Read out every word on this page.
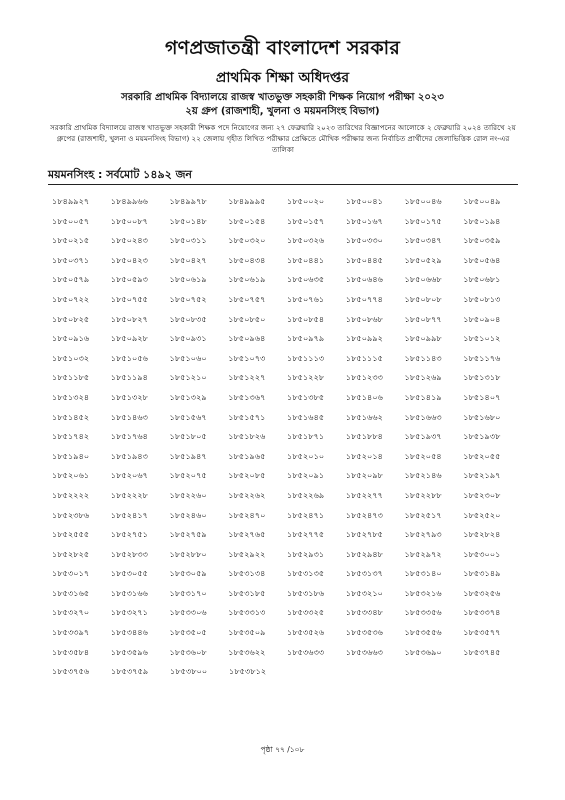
গণপ্রজাতন্ত্রী বাংলাদেশ সরকার
প্রাথমিক শিক্ষা অধিদপ্তর
সরকারি প্রাথমিক বিদ্যালয়ে রাজস্ব খাতভুক্ত সহকারী শিক্ষক নিয়োগ পরীক্ষা ২০২৩
২য় গ্রুপ (রাজশাহী, খুলনা ও ময়মনসিংহ বিভাগ)
সরকারি প্রাথমিক বিদ্যালয়ে রাজস্ব খাতভুক্ত সহকারী শিক্ষক পদে নিয়োগের জন্য ২৭ ফেব্রুয়ারি ২০২৩ তারিখের বিজ্ঞাপনের আলোকে ২ ফেব্রুয়ারি ২০২৪ তারিখে ২য় গ্রুপের (রাজশাহী, খুলনা ও ময়মনসিংহ বিভাগ) ২২ জেলায় গৃহীত লিখিত পরীক্ষার প্রেক্ষিতে মৌখিক পরীক্ষার জন্য নির্বাচিত প্রার্থীদের জেলাভিত্তিক রোল নং-এর তালিকা
ময়মনসিংহ : সর্বমোট ১৪৯২ জন
১৮৪৯৯২৭	১৮৪৯৯৬৬	১৮৪৯৯৭৮	১৮৪৯৯৯৫	১৮৫০০২০	১৮৫০০৪১	১৮৫০০৪৬	১৮৫০০৪৯
১৮৫০০৫৭	১৮৫০০৮৭	১৮৫০১৪৮	১৮৫০১৫৪	১৮৫০১৫৭	১৮৫০১৬৭	১৮৫০১৭৫	১৮৫০১৯৪
১৮৫০২১৫	১৮৫০২৪৩	১৮৫০৩১১	১৮৫০৩২০	১৮৫০৩২৬	১৮৫০৩৩০	১৮৫০৩৪৭	১৮৫০৩৫৯
১৮৫০৩৭১	১৮৫০৪২৩	১৮৫০৪২৭	১৮৫০৪৩৪	১৮৫০৪৪১	১৮৫০৪৪৫	১৮৫০৫২৯	১৮৫০৫৬৪
১৮৫০৫৭৯	১৮৫০৫৯৩	১৮৫০৬১৯	১৮৫০৬১৯	১৮৫০৬৩৫	১৮৫০৬৪৬	১৮৫০৬৬৮	১৮৫০৬৮১
১৮৫০৭২২	১৮৫০৭৫৫	১৮৫০৭৫২	১৮৫০৭৫৭	১৮৫০৭৬১	১৮৫০৭৭৪	১৮৫০৮০৮	১৮৫০৮১৩
১৮৫০৮২৫	১৮৫০৮২৭	১৮৫০৮৩৫	১৮৫০৮৫০	১৮৫০৮৫৪	১৮৫০৮৬৮	১৮৫০৮৭৭	১৮৫০৯০৪
১৮৫০৯১৬	১৮৫০৯২৮	১৮৫০৯৩১	১৮৫০৯৬৪	১৮৫০৯৭৯	১৮৫০৯৯২	১৮৫০৯৯৮	১৮৫১০১২
১৮৫১০৩২	১৮৫১০৫৬	১৮৫১০৬০	১৮৫১০৭৩	১৮৫১১১৩	১৮৫১১১৫	১৮৫১১৪৩	১৮৫১১৭৬
১৮৫১১৮৫	১৮৫১১৯৪	১৮৫১২১০	১৮৫১২২৭	১৮৫১২২৮	১৮৫১২৩৩	১৮৫১২৬৯	১৮৫১৩১৮
১৮৫১৩২৪	১৮৫১৩২৮	১৮৫১৩২৯	১৮৫১৩৬৭	১৮৫১৩৮৫	১৮৫১৪০৬	১৮৫১৪১৯	১৮৫১৪০৭
১৮৫১৪৫২	১৮৫১৪৬৩	১৮৫১৫৬৭	১৮৫১৫৭১	১৮৫১৬৪৫	১৮৫১৬৬২	১৮৫১৬৬৩	১৮৫১৬৮০
১৮৫১৭৪২	১৮৫১৭৬৪	১৮৫১৮০৫	১৮৫১৮২৬	১৮৫১৮৭১	১৮৫১৮৮৪	১৮৫১৯৩৭	১৮৫১৯৩৮
১৮৫১৯৪০	১৮৫১৯৪৩	১৮৫১৯৪৭	১৮৫১৯৬৫	১৮৫২০১০	১৮৫২০১৪	১৮৫২০৫৪	১৮৫২০৫৫
১৮৫২০৬১	১৮৫২০৬৭	১৮৫২০৭৫	১৮৫২০৮৫	১৮৫২০৯১	১৮৫২০৯৮	১৮৫২১৪৬	১৮৫২১৯৭
১৮৫২২২২	১৮৫২২২৮	১৮৫২২৬০	১৮৫২২৬২	১৮৫২২৬৯	১৮৫২২৭৭	১৮৫২২৮৮	১৮৫২৩০৮
১৮৫২৩৮৬	১৮৫২৪১৭	১৮৫২৪৬০	১৮৫২৪৭০	১৮৫২৪৭১	১৮৫২৪৭৩	১৮৫২৫১৭	১৮৫২৫২০
১৮৫২৫৫৫	১৮৫২৭৫১	১৮৫২৭৫৯	১৮৫২৭৬৫	১৮৫২৭৭৫	১৮৫২৭৮৫	১৮৫২৭৯৩	১৮৫২৮২৪
১৮৫২৮২৫	১৮৫২৮৩৩	১৮৫২৮৮০	১৮৫২৯২২	১৮৫২৯৩১	১৮৫২৯৪৮	১৮৫২৯৭২	১৮৫৩০০১
১৮৫৩০১৭	১৮৫৩০৫৫	১৮৫৩০৫৯	১৮৫৩১৩৪	১৮৫৩১৩৫	১৮৫৩১৩৭	১৮৫৩১৪০	১৮৫৩১৪৯
১৮৫৩১৬৫	১৮৫৩১৬৬	১৮৫৩১৭০	১৮৫৩১৮৫	১৮৫৩১৮৬	১৮৫৩২১০	১৮৫৩২১৬	১৮৫৩২৫৬
১৮৫৩২৭০	১৮৫৩২৭১	১৮৫৩৩০৬	১৮৫৩৩১৩	১৮৫৩৩২৫	১৮৫৩৩৪৮	১৮৫৩৩৫৬	১৮৫৩৩৭৪
১৮৫৩৩৯৭	১৮৫৩৪৪৬	১৮৫৩৫০৫	১৮৫৩৫০৯	১৮৫৩৫২৬	১৮৫৩৫৩৬	১৮৫৩৫৫৬	১৮৫৩৫৭৭
১৮৫৩৫৮৪	১৮৫৩৫৯৬	১৮৫৩৬০৮	১৮৫৩৬২২	১৮৫৩৬৩৩	১৮৫৩৬৬৩	১৮৫৩৬৯০	১৮৫৩৭৪৫
১৮৫৩৭৫৬	১৮৫৩৭৫৯	১৮৫৩৮০০	১৮৫৩৮১২
পৃষ্ঠা ৭৭ /১০৮
